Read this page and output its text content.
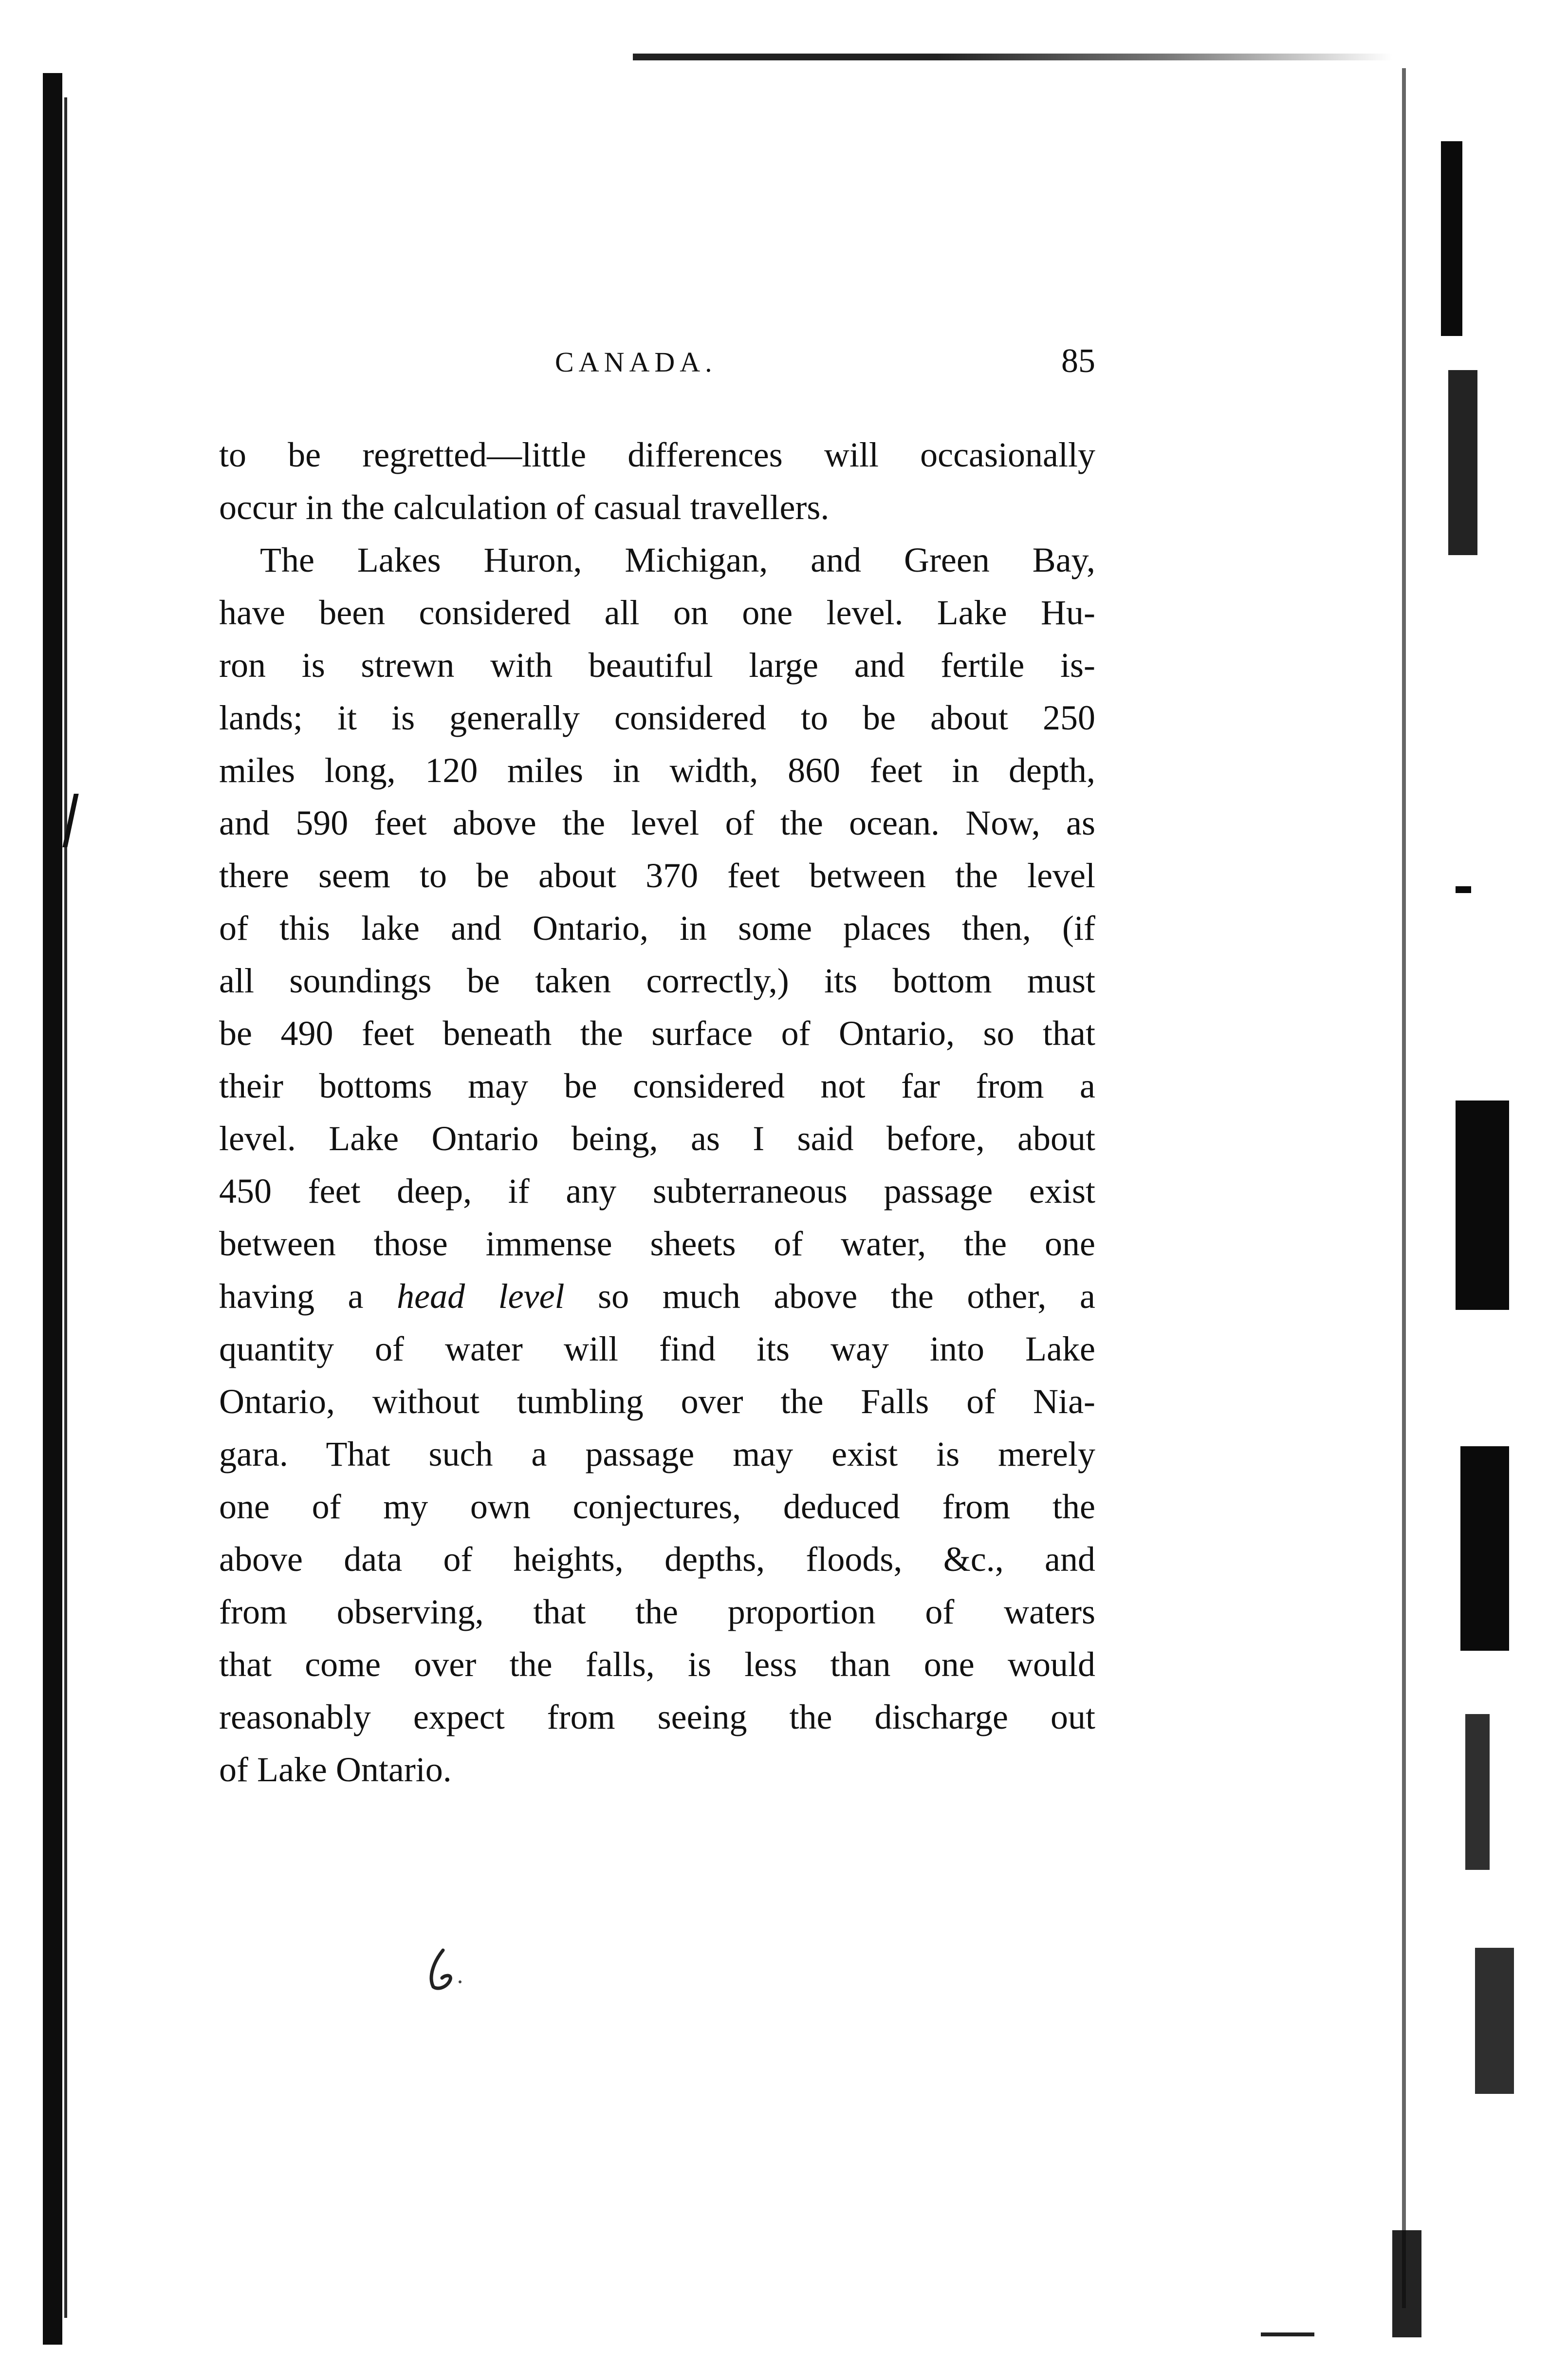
CANADA.	85
to be regretted—little differences will occasionally
occur in the calculation of casual travellers.
The Lakes Huron, Michigan, and Green Bay,
have been considered all on one level. Lake Hu-
ron is strewn with beautiful large and fertile is-
lands; it is generally considered to be about 250
miles long, 120 miles in width, 860 feet in depth,
and 590 feet above the level of the ocean. Now, as
there seem to be about 370 feet between the level
of this lake and Ontario, in some places then, (if
all soundings be taken correctly,) its bottom must
be 490 feet beneath the surface of Ontario, so that
their bottoms may be considered not far from a
level. Lake Ontario being, as I said before, about
450 feet deep, if any subterraneous passage exist
between those immense sheets of water, the one
having a head level so much above the other, a
quantity of water will find its way into Lake
Ontario, without tumbling over the Falls of Nia-
gara. That such a passage may exist is merely
one of my own conjectures, deduced from the
above data of heights, depths, floods, &c., and
from observing, that the proportion of waters
that come over the falls, is less than one would
reasonably expect from seeing the discharge out
of Lake Ontario.
